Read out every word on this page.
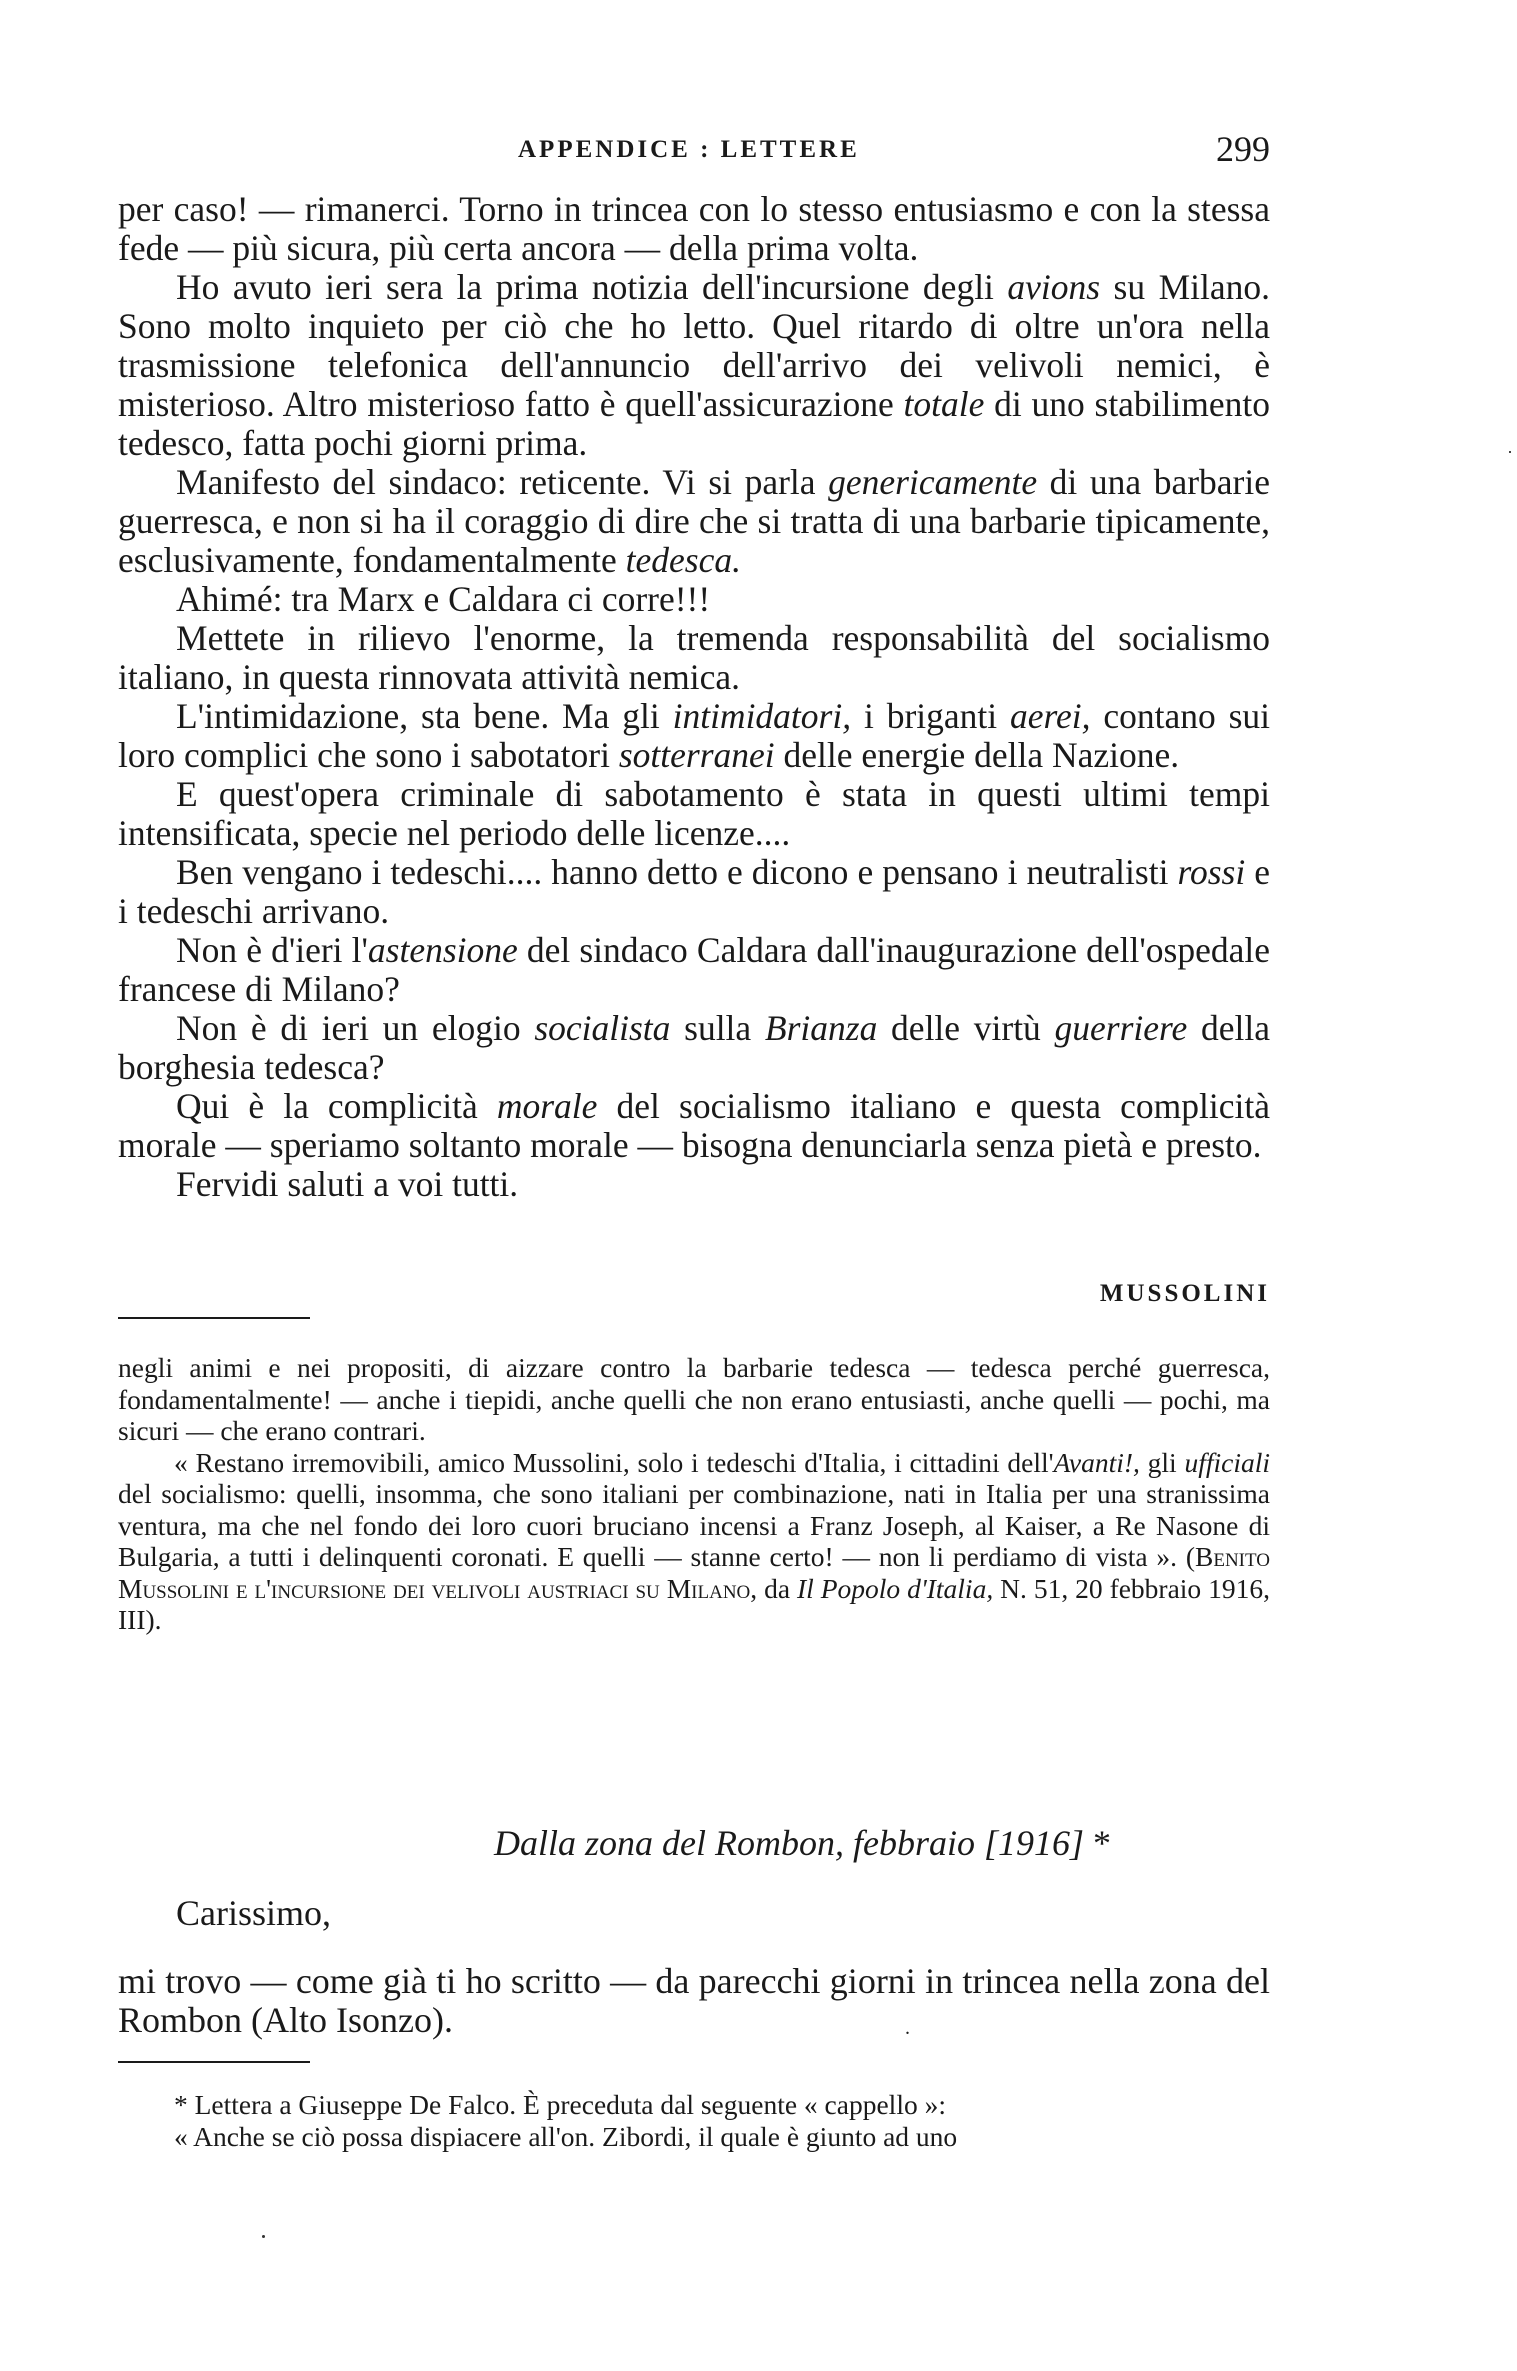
APPENDICE : LETTERE	299

per caso! — rimanerci. Torno in trincea con lo stesso entusiasmo e con la stessa fede — più sicura, più certa ancora — della prima volta.

Ho avuto ieri sera la prima notizia dell'incursione degli avions su Milano. Sono molto inquieto per ciò che ho letto. Quel ritardo di oltre un'ora nella trasmissione telefonica dell'annuncio dell'arrivo dei velivoli nemici, è misterioso. Altro misterioso fatto è quell'assicurazione totale di uno stabilimento tedesco, fatta pochi giorni prima.

Manifesto del sindaco: reticente. Vi si parla genericamente di una barbarie guerresca, e non si ha il coraggio di dire che si tratta di una barbarie tipicamente, esclusivamente, fondamentalmente tedesca.

Ahimé: tra Marx e Caldara ci corre!!!

Mettete in rilievo l'enorme, la tremenda responsabilità del socialismo italiano, in questa rinnovata attività nemica.

L'intimidazione, sta bene. Ma gli intimidatori, i briganti aerei, contano sui loro complici che sono i sabotatori sotterranei delle energie della Nazione.

E quest'opera criminale di sabotamento è stata in questi ultimi tempi intensificata, specie nel periodo delle licenze....

Ben vengano i tedeschi.... hanno detto e dicono e pensano i neutralisti rossi e i tedeschi arrivano.

Non è d'ieri l'astensione del sindaco Caldara dall'inaugurazione dell'ospedale francese di Milano?

Non è di ieri un elogio socialista sulla Brianza delle virtù guerriere della borghesia tedesca?

Qui è la complicità morale del socialismo italiano e questa complicità morale — speriamo soltanto morale — bisogna denunciarla senza pietà e presto.

Fervidi saluti a voi tutti.

MUSSOLINI

negli animi e nei propositi, di aizzare contro la barbarie tedesca — tedesca perché guerresca, fondamentalmente! — anche i tiepidi, anche quelli che non erano entusiasti, anche quelli — pochi, ma sicuri — che erano contrari.

« Restano irremovibili, amico Mussolini, solo i tedeschi d'Italia, i cittadini dell'Avanti!, gli ufficiali del socialismo: quelli, insomma, che sono italiani per combinazione, nati in Italia per una stranissima ventura, ma che nel fondo dei loro cuori bruciano incensi a Franz Joseph, al Kaiser, a Re Nasone di Bulgaria, a tutti i delinquenti coronati. E quelli — stanne certo! — non li perdiamo di vista ». (Benito Mussolini e l'incursione dei velivoli austriaci su Milano, da Il Popolo d'Italia, N. 51, 20 febbraio 1916, III).

Dalla zona del Rombon, febbraio [1916] *
Carissimo,

mi trovo — come già ti ho scritto — da parecchi giorni in trincea nella zona del Rombon (Alto Isonzo).	.

* Lettera a Giuseppe De Falco. È preceduta dal seguente « cappello »:

« Anche se ciò possa dispiacere all'on. Zibordi, il quale è giunto ad uno
